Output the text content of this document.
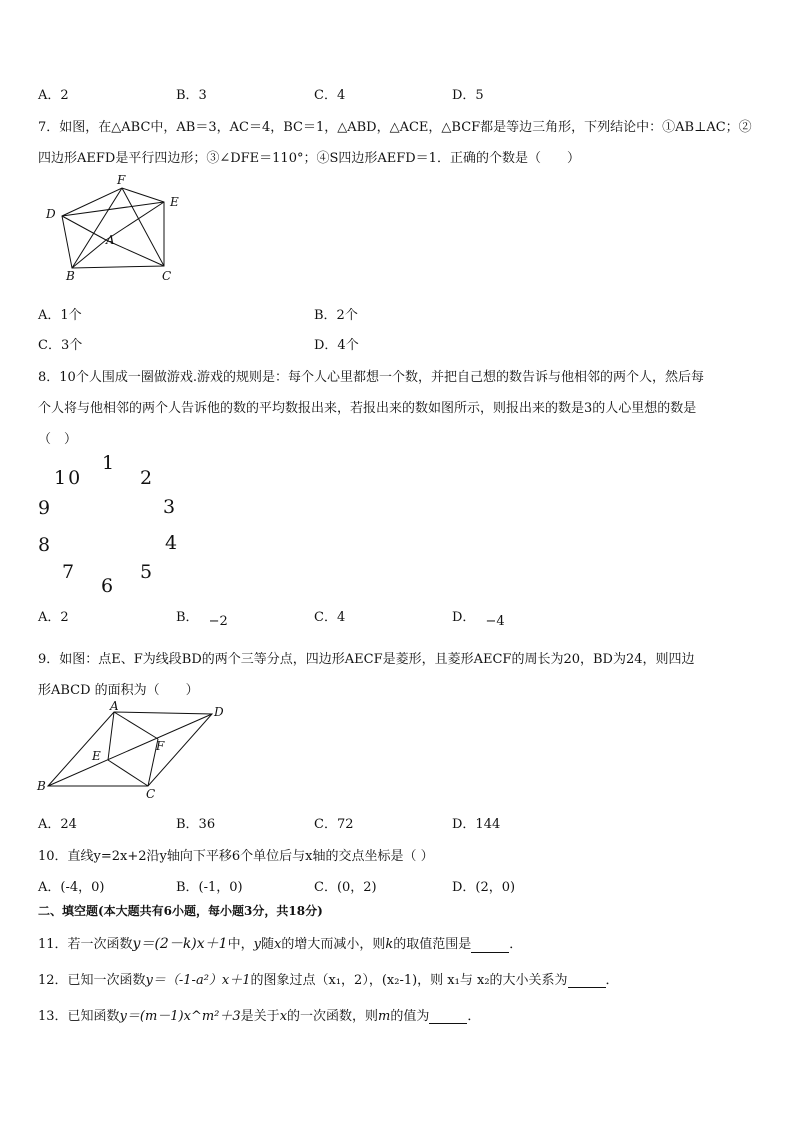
A．2	B．3	C．4	D．5
7．如图，在△ABC中，AB＝3，AC＝4，BC＝1，△ABD，△ACE，△BCF都是等边三角形，下列结论中：①AB⊥AC；②
四边形AEFD是平行四边形；③∠DFE＝110°；④S四边形AEFD＝1．正确的个数是（　　）
D
F
E
A
B	C
A．1个	B．2个
C．3个	D．4个
8．10个人围成一圈做游戏.游戏的规则是：每个人心里都想一个数，并把自己想的数告诉与他相邻的两个人，然后每
个人将与他相邻的两个人告诉他的数的平均数报出来，若报出来的数如图所示，则报出来的数是3的人心里想的数是
（　）
1
2
3
4
5
6
7
8
9
10
A．2	B． −2	C．4	D． −4
9．如图：点E、F为线段BD的两个三等分点，四边形AECF是菱形，且菱形AECF的周长为20，BD为24，则四边
形ABCD 的面积为（　　）
A	D
E
F
B
C
A．24	B．36	C．72	D．144
10．直线y=2x+2沿y轴向下平移6个单位后与x轴的交点坐标是（ ）
A．(-4，0)	B．(-1，0)	C．(0，2)	D．(2，0)
二、填空题(本大题共有6小题，每小题3分，共18分)
11．若一次函数y＝(2－k)x＋1中，y随x的增大而减小，则k的取值范围是	．
12．已知一次函数y＝（-1-a²）x＋1的图象过点（x₁，2），(x₂-1)，则 x₁与 x₂的大小关系为	．
13．已知函数y＝(m－1)x^m²＋3是关于x的一次函数，则m的值为	．
